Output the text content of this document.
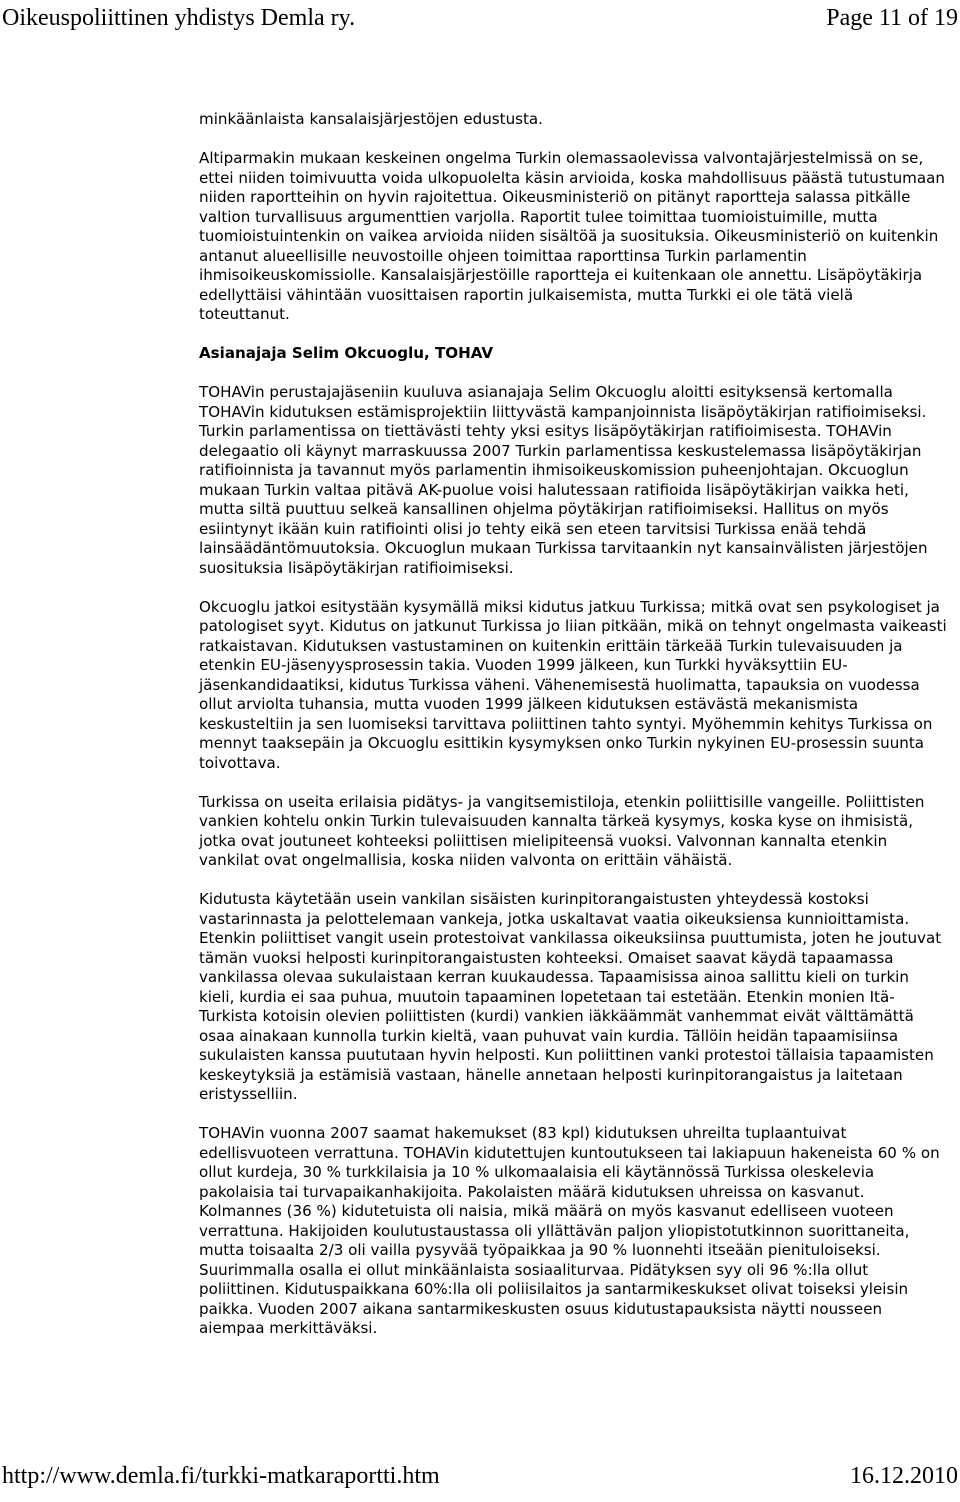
Oikeuspoliittinen yhdistys Demla ry.	Page 11 of 19

minkäänlaista kansalaisjärjestöjen edustusta.

Altiparmakin mukaan keskeinen ongelma Turkin olemassaolevissa valvontajärjestelmissä on se, ettei niiden toimivuutta voida ulkopuolelta käsin arvioida, koska mahdollisuus päästä tutustumaan niiden raportteihin on hyvin rajoitettua. Oikeusministeriö on pitänyt raportteja salassa pitkälle valtion turvallisuus argumenttien varjolla. Raportit tulee toimittaa tuomioistuimille, mutta tuomioistuintenkin on vaikea arvioida niiden sisältöä ja suosituksia. Oikeusministeriö on kuitenkin antanut alueellisille neuvostoille ohjeen toimittaa raporttinsa Turkin parlamentin ihmisoikeuskomissiolle. Kansalaisjärjestöille raportteja ei kuitenkaan ole annettu. Lisäpöytäkirja edellyttäisi vähintään vuosittaisen raportin julkaisemista, mutta Turkki ei ole tätä vielä toteuttanut.

Asianajaja Selim Okcuoglu, TOHAV

TOHAVin perustajajäseniin kuuluva asianajaja Selim Okcuoglu aloitti esityksensä kertomalla TOHAVin kidutuksen estämisprojektiin liittyvästä kampanjoinnista lisäpöytäkirjan ratifioimiseksi. Turkin parlamentissa on tiettävästi tehty yksi esitys lisäpöytäkirjan ratifioimisesta. TOHAVin delegaatio oli käynyt marraskuussa 2007 Turkin parlamentissa keskustelemassa lisäpöytäkirjan ratifioinnista ja tavannut myös parlamentin ihmisoikeuskomission puheenjohtajan. Okcuoglun mukaan Turkin valtaa pitävä AK-puolue voisi halutessaan ratifioida lisäpöytäkirjan vaikka heti, mutta siltä puuttuu selkeä kansallinen ohjelma pöytäkirjan ratifioimiseksi. Hallitus on myös esiintynyt ikään kuin ratifiointi olisi jo tehty eikä sen eteen tarvitsisi Turkissa enää tehdä lainsäädäntömuutoksia. Okcuoglun mukaan Turkissa tarvitaankin nyt kansainvälisten järjestöjen suosituksia lisäpöytäkirjan ratifioimiseksi.

Okcuoglu jatkoi esitystään kysymällä miksi kidutus jatkuu Turkissa; mitkä ovat sen psykologiset ja patologiset syyt. Kidutus on jatkunut Turkissa jo liian pitkään, mikä on tehnyt ongelmasta vaikeasti ratkaistavan. Kidutuksen vastustaminen on kuitenkin erittäin tärkeää Turkin tulevaisuuden ja etenkin EU-jäsenyysprosessin takia. Vuoden 1999 jälkeen, kun Turkki hyväksyttiin EU-jäsenkandidaatiksi, kidutus Turkissa väheni. Vähenemisestä huolimatta, tapauksia on vuodessa ollut arviolta tuhansia, mutta vuoden 1999 jälkeen kidutuksen estävästä mekanismista keskusteltiin ja sen luomiseksi tarvittava poliittinen tahto syntyi. Myöhemmin kehitys Turkissa on mennyt taaksepäin ja Okcuoglu esittikin kysymyksen onko Turkin nykyinen EU-prosessin suunta toivottava.

Turkissa on useita erilaisia pidätys- ja vangitsemistiloja, etenkin poliittisille vangeille. Poliittisten vankien kohtelu onkin Turkin tulevaisuuden kannalta tärkeä kysymys, koska kyse on ihmisistä, jotka ovat joutuneet kohteeksi poliittisen mielipiteensä vuoksi. Valvonnan kannalta etenkin vankilat ovat ongelmallisia, koska niiden valvonta on erittäin vähäistä.

Kidutusta käytetään usein vankilan sisäisten kurinpitorangaistusten yhteydessä kostoksi vastarinnasta ja pelottelemaan vankeja, jotka uskaltavat vaatia oikeuksiensa kunnioittamista. Etenkin poliittiset vangit usein protestoivat vankilassa oikeuksiinsa puuttumista, joten he joutuvat tämän vuoksi helposti kurinpitorangaistusten kohteeksi. Omaiset saavat käydä tapaamassa vankilassa olevaa sukulaistaan kerran kuukaudessa. Tapaamisissa ainoa sallittu kieli on turkin kieli, kurdia ei saa puhua, muutoin tapaaminen lopetetaan tai estetään. Etenkin monien Itä-Turkista kotoisin olevien poliittisten (kurdi) vankien iäkkäämmät vanhemmat eivät välttämättä osaa ainakaan kunnolla turkin kieltä, vaan puhuvat vain kurdia. Tällöin heidän tapaamisiinsa sukulaisten kanssa puututaan hyvin helposti. Kun poliittinen vanki protestoi tällaisia tapaamisten keskeytyksiä ja estämisiä vastaan, hänelle annetaan helposti kurinpitorangaistus ja laitetaan eristysselliin.

TOHAVin vuonna 2007 saamat hakemukset (83 kpl) kidutuksen uhreilta tuplaantuivat edellisvuoteen verrattuna. TOHAVin kidutettujen kuntoutukseen tai lakiapuun hakeneista 60 % on ollut kurdeja, 30 % turkkilaisia ja 10 % ulkomaalaisia eli käytännössä Turkissa oleskelevia pakolaisia tai turvapaikanhakijoita. Pakolaisten määrä kidutuksen uhreissa on kasvanut. Kolmannes (36 %) kidutetuista oli naisia, mikä määrä on myös kasvanut edelliseen vuoteen verrattuna. Hakijoiden koulutustaustassa oli yllättävän paljon yliopistotutkinnon suorittaneita, mutta toisaalta 2/3 oli vailla pysyvää työpaikkaa ja 90 % luonnehti itseään pienituloiseksi. Suurimmalla osalla ei ollut minkäänlaista sosiaaliturvaa. Pidätyksen syy oli 96 %:lla ollut poliittinen. Kidutuspaikkana 60%:lla oli poliisilaitos ja santarmikeskukset olivat toiseksi yleisin paikka. Vuoden 2007 aikana santarmikeskusten osuus kidutustapauksista näytti nousseen aiempaa merkittäväksi.

http://www.demla.fi/turkki-matkaraportti.htm	16.12.2010
